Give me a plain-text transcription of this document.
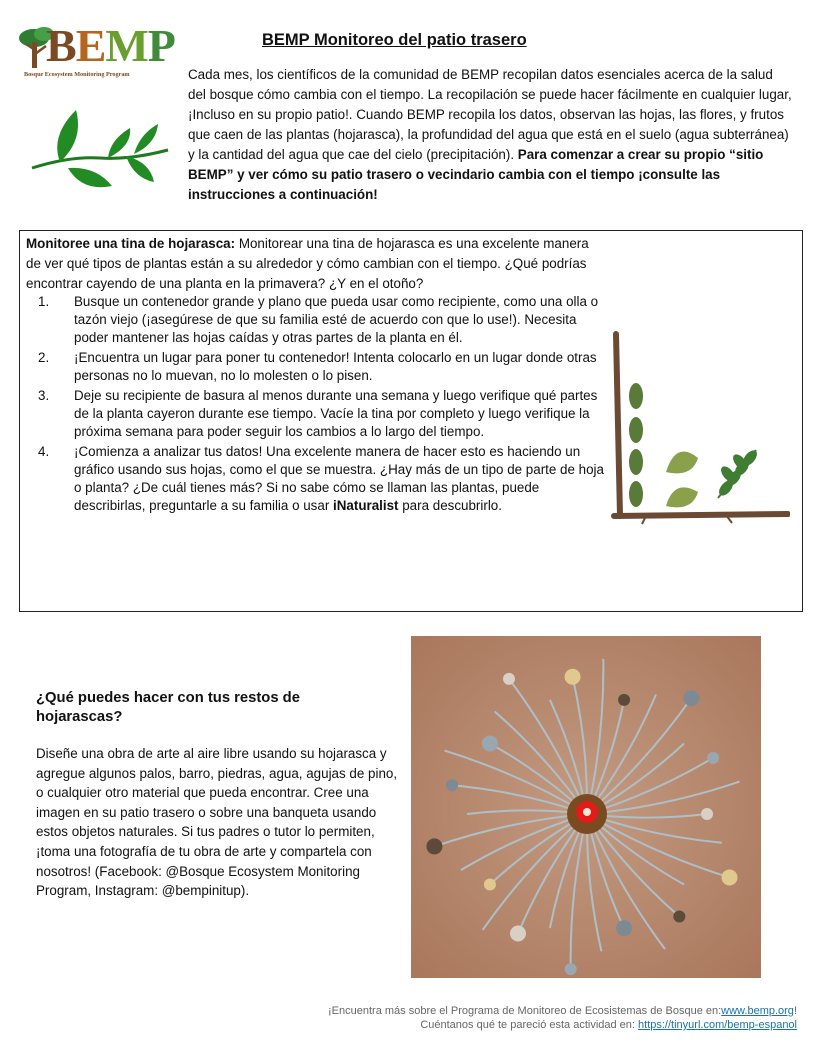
BEMP
Bosque Ecosystem Monitoring Program
BEMP Monitoreo del patio trasero
Cada mes, los científicos de la comunidad de BEMP recopilan datos esenciales acerca de la salud del bosque cómo cambia con el tiempo. La recopilación se puede hacer fácilmente en cualquier lugar, ¡Incluso en su propio patio!. Cuando BEMP recopila los datos, observan las hojas, las flores, y frutos que caen de las plantas (hojarasca), la profundidad del agua que está en el suelo (agua subterránea) y la cantidad del agua que cae del cielo (precipitación). Para comenzar a crear su propio “sitio BEMP” y ver cómo su patio trasero o vecindario cambia con el tiempo ¡consulte las instrucciones a continuación!
Monitoree una tina de hojarasca: Monitorear una tina de hojarasca es una excelente manera de ver qué tipos de plantas están a su alrededor y cómo cambian con el tiempo. ¿Qué podrías encontrar cayendo de una planta en la primavera? ¿Y en el otoño?
1. Busque un contenedor grande y plano que pueda usar como recipiente, como una olla o tazón viejo (¡asegúrese de que su familia esté de acuerdo con que lo use!). Necesita poder mantener las hojas caídas y otras partes de la planta en él.
2. ¡Encuentra un lugar para poner tu contenedor! Intenta colocarlo en un lugar donde otras personas no lo muevan, no lo molesten o lo pisen.
3. Deje su recipiente de basura al menos durante una semana y luego verifique qué partes de la planta cayeron durante ese tiempo. Vacíe la tina por completo y luego verifique la próxima semana para poder seguir los cambios a lo largo del tiempo.
4. ¡Comienza a analizar tus datos! Una excelente manera de hacer esto es haciendo un gráfico usando sus hojas, como el que se muestra. ¿Hay más de un tipo de parte de hoja o planta? ¿De cuál tienes más? Si no sabe cómo se llaman las plantas, puede describirlas, preguntarle a su familia o usar iNaturalist para descubrirlo.
¿Qué puedes hacer con tus restos de hojarascas?
Diseñe una obra de arte al aire libre usando su hojarasca y agregue algunos palos, barro, piedras, agua, agujas de pino, o cualquier otro material que pueda encontrar. Cree una imagen en su patio trasero o sobre una banqueta usando estos objetos naturales. Si tus padres o tutor lo permiten, ¡toma una fotografía de tu obra de arte y compartela con nosotros! (Facebook: @Bosque Ecosystem Monitoring Program, Instagram: @bempinitup).
¡Encuentra más sobre el Programa de Monitoreo de Ecosistemas de Bosque en:www.bemp.org!
Cuéntanos qué te pareció esta actividad en: https://tinyurl.com/bemp-espanol
